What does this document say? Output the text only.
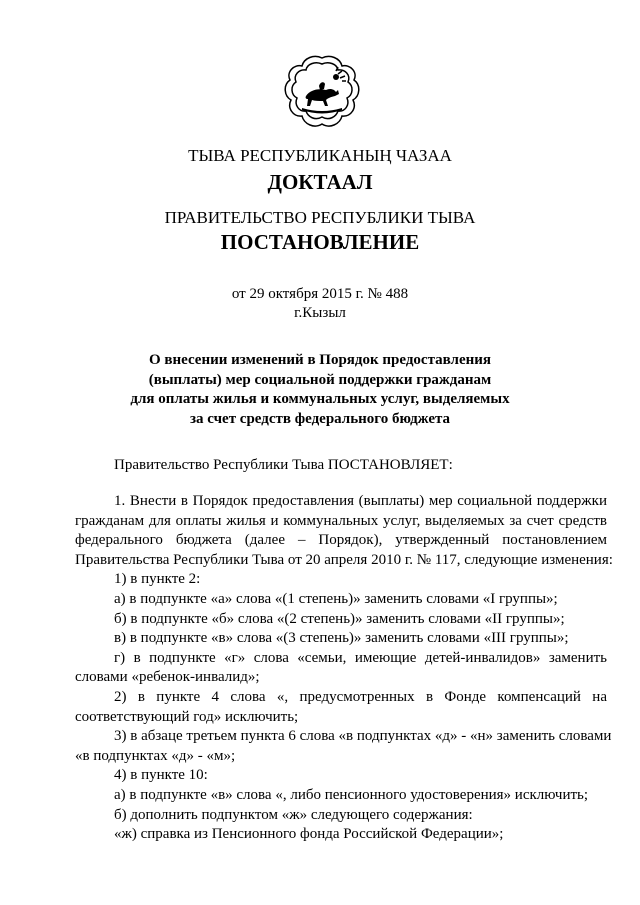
ТЫВА РЕСПУБЛИКАНЫҢ ЧАЗАА
ДОКТААЛ
ПРАВИТЕЛЬСТВО РЕСПУБЛИКИ ТЫВА
ПОСТАНОВЛЕНИЕ
от 29 октября 2015 г. № 488
г.Кызыл
О внесении изменений в Порядок предоставления
(выплаты) мер социальной поддержки гражданам
для оплаты жилья и коммунальных услуг, выделяемых
за счет средств федерального бюджета
Правительство Республики Тыва ПОСТАНОВЛЯЕТ:
1. Внести в Порядок предоставления (выплаты) мер социальной поддержки
гражданам для оплаты жилья и коммунальных услуг, выделяемых за счет средств
федерального бюджета (далее – Порядок), утвержденный постановлением
Правительства Республики Тыва от 20 апреля 2010 г. № 117, следующие изменения:
1) в пункте 2:
а) в подпункте «а» слова «(1 степень)» заменить словами «I группы»;
б) в подпункте «б» слова «(2 степень)» заменить словами «II группы»;
в) в подпункте «в» слова «(3 степень)» заменить словами «III группы»;
г) в подпункте «г» слова «семьи, имеющие детей-инвалидов» заменить
словами «ребенок-инвалид»;
2) в пункте 4 слова «, предусмотренных в Фонде компенсаций на
соответствующий год» исключить;
3) в абзаце третьем пункта 6 слова «в подпунктах «д» - «н» заменить словами
«в подпунктах «д» - «м»;
4) в пункте 10:
а) в подпункте «в» слова «, либо пенсионного удостоверения» исключить;
б) дополнить подпунктом «ж» следующего содержания:
«ж) справка из Пенсионного фонда Российской Федерации»;
